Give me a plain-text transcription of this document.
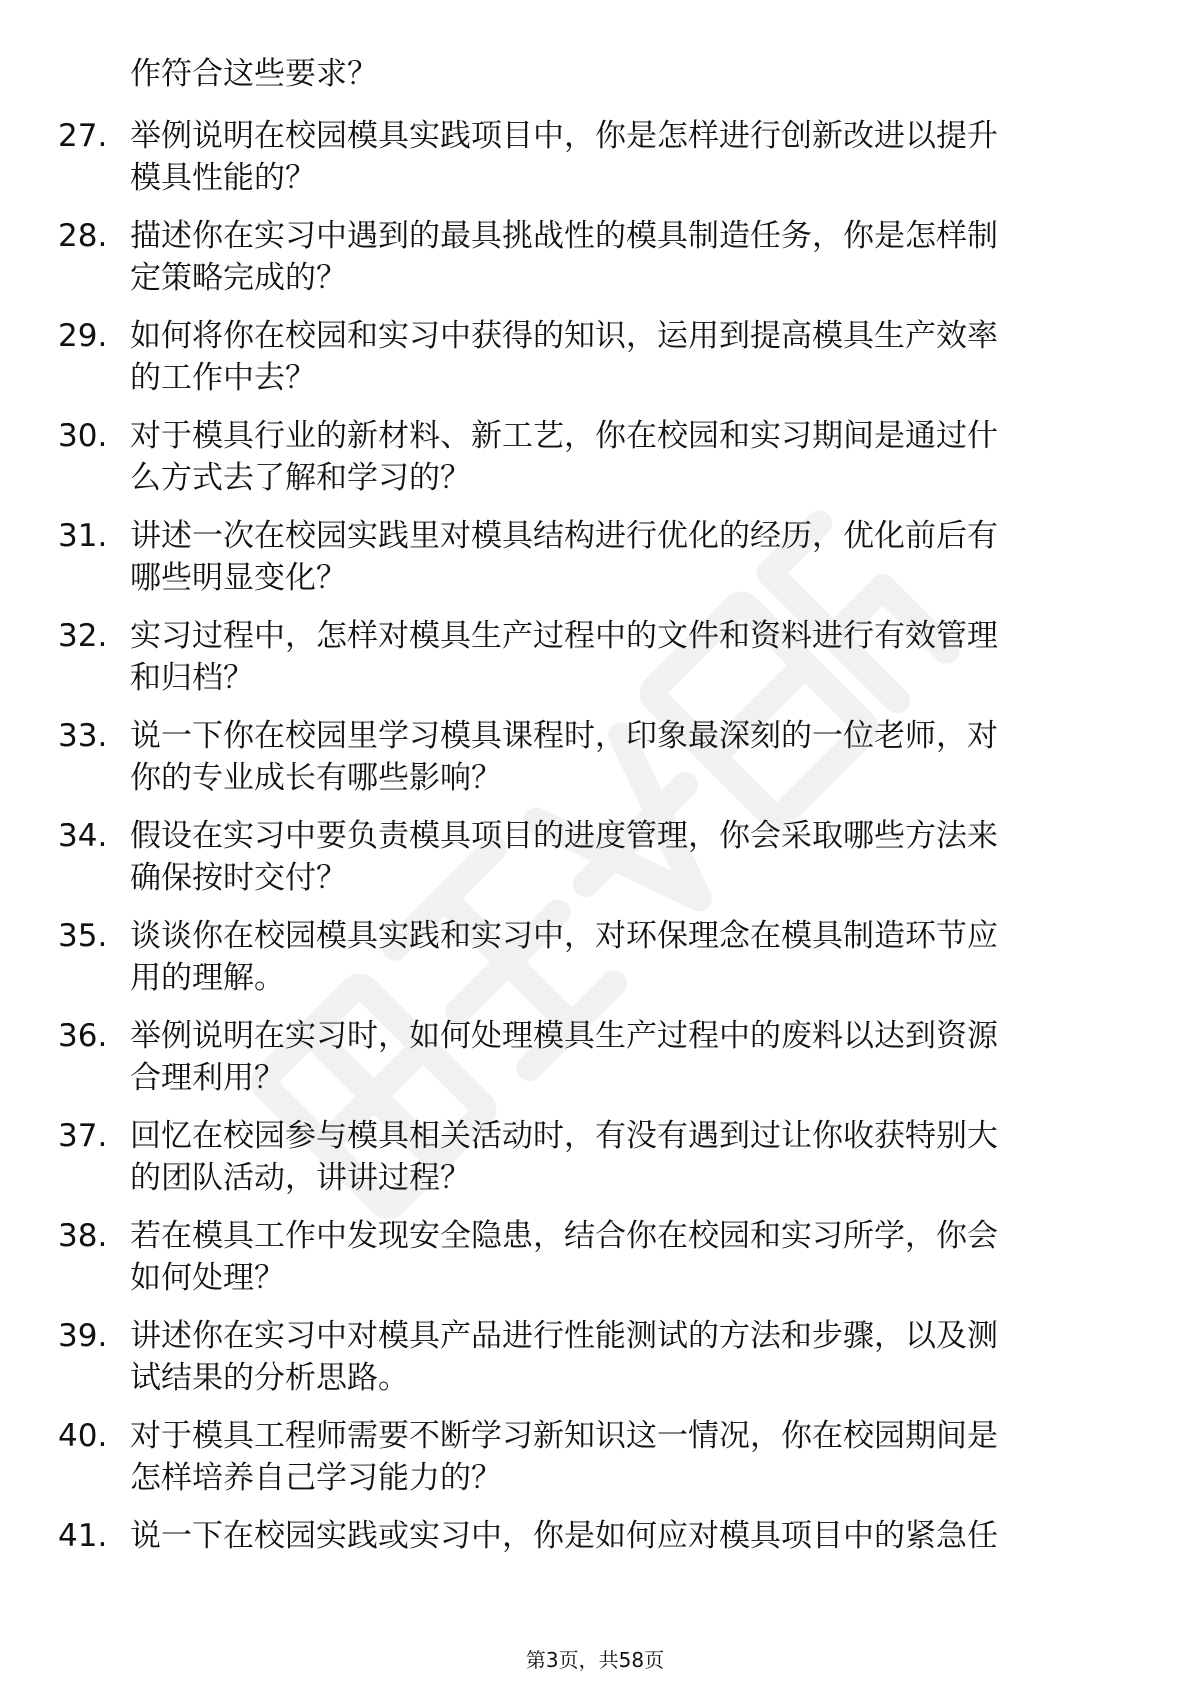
作符合这些要求？
27. 举例说明在校园模具实践项目中，你是怎样进行创新改进以提升
模具性能的？
28. 描述你在实习中遇到的最具挑战性的模具制造任务，你是怎样制
定策略完成的？
29. 如何将你在校园和实习中获得的知识，运用到提高模具生产效率
的工作中去？
30. 对于模具行业的新材料、新工艺，你在校园和实习期间是通过什
么方式去了解和学习的？
31. 讲述一次在校园实践里对模具结构进行优化的经历，优化前后有
哪些明显变化？
32. 实习过程中，怎样对模具生产过程中的文件和资料进行有效管理
和归档？
33. 说一下你在校园里学习模具课程时，印象最深刻的一位老师，对
你的专业成长有哪些影响？
34. 假设在实习中要负责模具项目的进度管理，你会采取哪些方法来
确保按时交付？
35. 谈谈你在校园模具实践和实习中，对环保理念在模具制造环节应
用的理解。
36. 举例说明在实习时，如何处理模具生产过程中的废料以达到资源
合理利用？
37. 回忆在校园参与模具相关活动时，有没有遇到过让你收获特别大
的团队活动，讲讲过程？
38. 若在模具工作中发现安全隐患，结合你在校园和实习所学，你会
如何处理？
39. 讲述你在实习中对模具产品进行性能测试的方法和步骤，以及测
试结果的分析思路。
40. 对于模具工程师需要不断学习新知识这一情况，你在校园期间是
怎样培养自己学习能力的？
41. 说一下在校园实践或实习中，你是如何应对模具项目中的紧急任
第3页，共58页
